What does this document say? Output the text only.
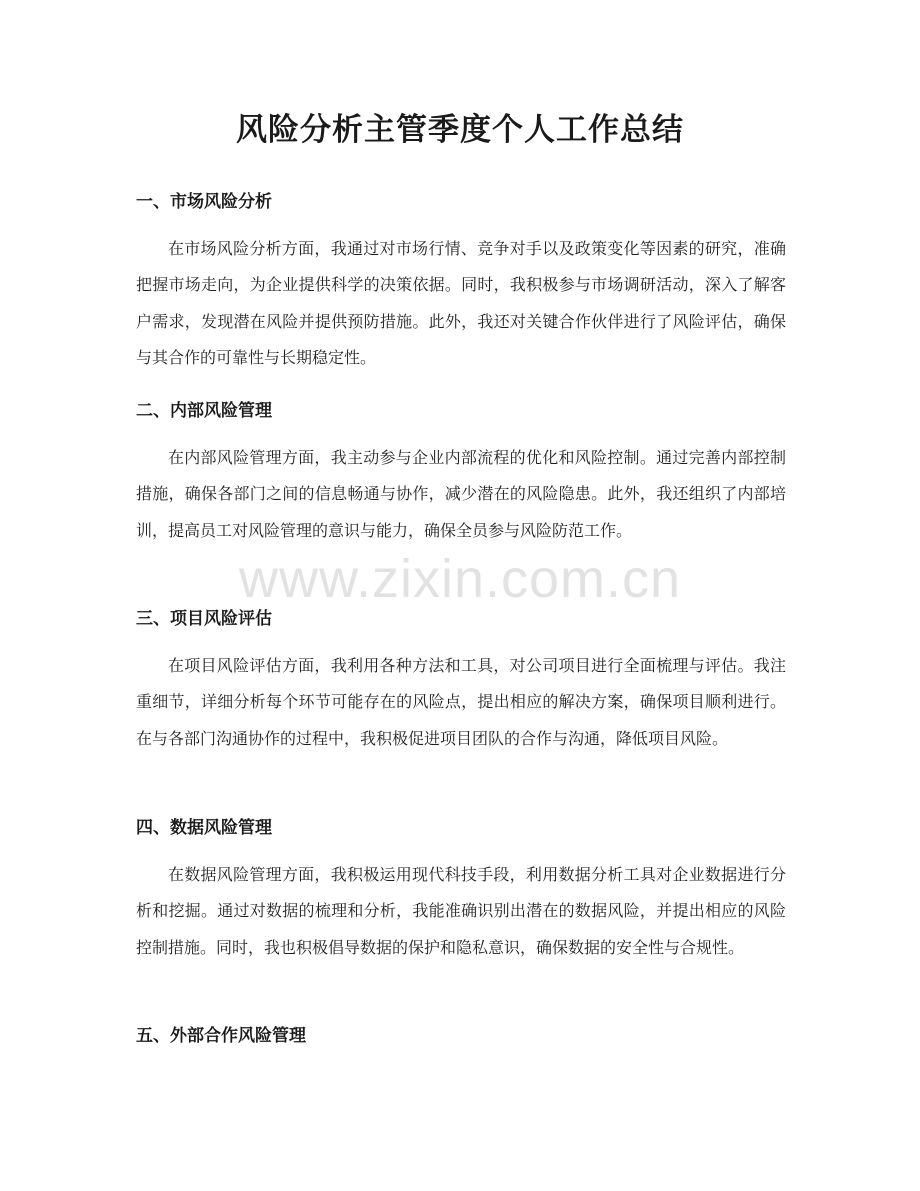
风险分析主管季度个人工作总结
一、市场风险分析

在市场风险分析方面，我通过对市场行情、竞争对手以及政策变化等因素的研究，准确把握市场走向，为企业提供科学的决策依据。同时，我积极参与市场调研活动，深入了解客户需求，发现潜在风险并提供预防措施。此外，我还对关键合作伙伴进行了风险评估，确保与其合作的可靠性与长期稳定性。

二、内部风险管理

在内部风险管理方面，我主动参与企业内部流程的优化和风险控制。通过完善内部控制措施，确保各部门之间的信息畅通与协作，减少潜在的风险隐患。此外，我还组织了内部培训，提高员工对风险管理的意识与能力，确保全员参与风险防范工作。

三、项目风险评估

在项目风险评估方面，我利用各种方法和工具，对公司项目进行全面梳理与评估。我注重细节，详细分析每个环节可能存在的风险点，提出相应的解决方案，确保项目顺利进行。在与各部门沟通协作的过程中，我积极促进项目团队的合作与沟通，降低项目风险。

四、数据风险管理

在数据风险管理方面，我积极运用现代科技手段，利用数据分析工具对企业数据进行分析和挖掘。通过对数据的梳理和分析，我能准确识别出潜在的数据风险，并提出相应的风险控制措施。同时，我也积极倡导数据的保护和隐私意识，确保数据的安全性与合规性。

五、外部合作风险管理
www.zixin.com.cn
